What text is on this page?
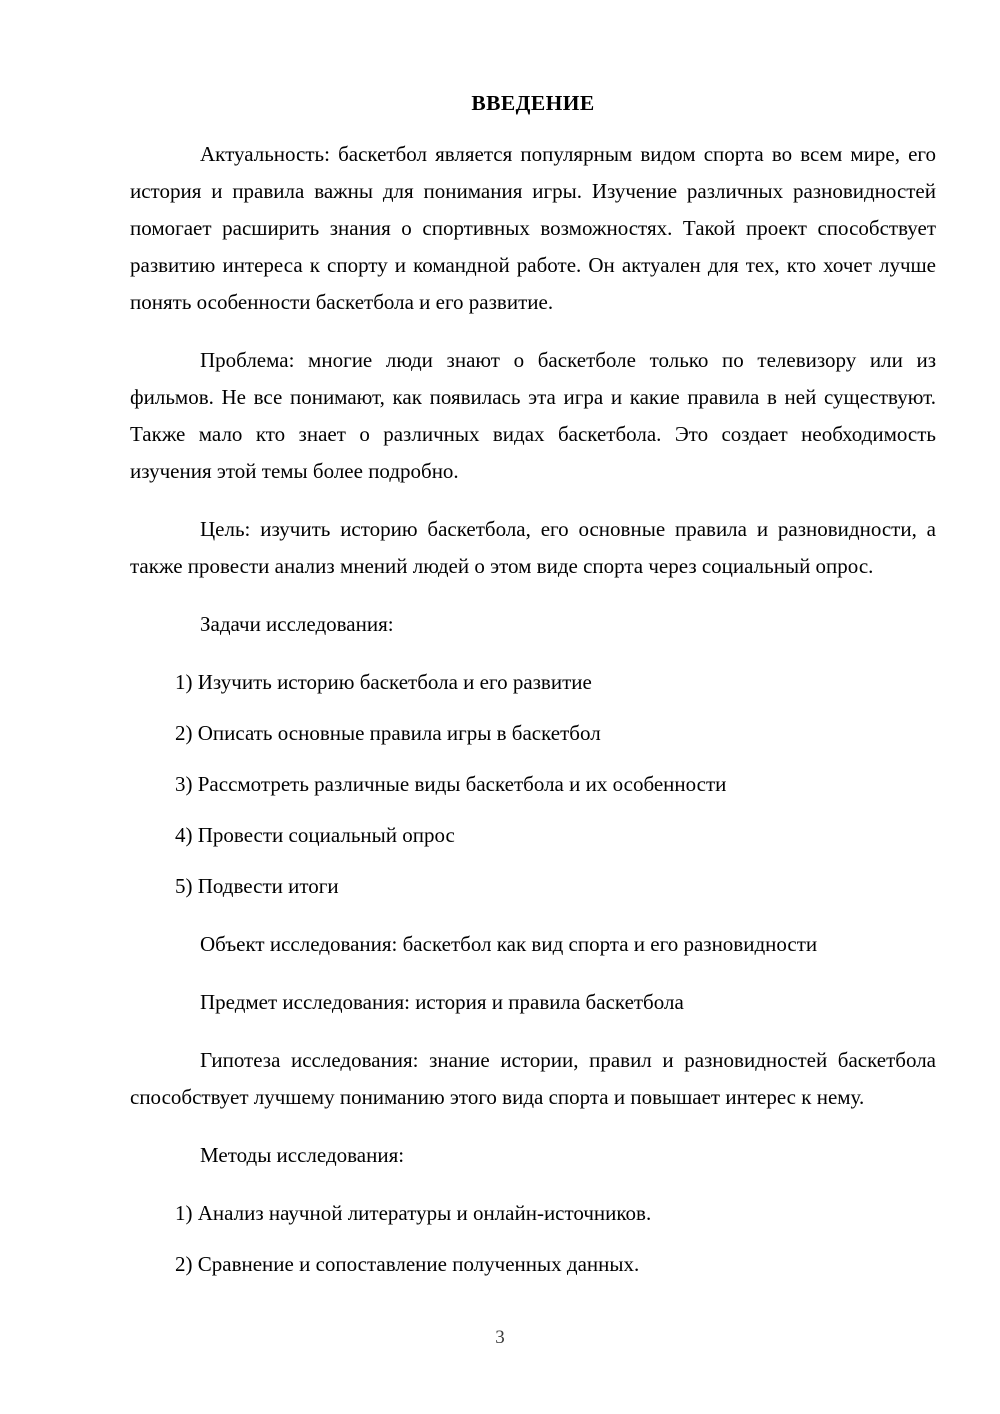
ВВЕДЕНИЕ

Актуальность: баскетбол является популярным видом спорта во всем мире, его история и правила важны для понимания игры. Изучение различных разновидностей помогает расширить знания о спортивных возможностях. Такой проект способствует развитию интереса к спорту и командной работе. Он актуален для тех, кто хочет лучше понять особенности баскетбола и его развитие.

Проблема: многие люди знают о баскетболе только по телевизору или из фильмов. Не все понимают, как появилась эта игра и какие правила в ней существуют. Также мало кто знает о различных видах баскетбола. Это создает необходимость изучения этой темы более подробно.

Цель: изучить историю баскетбола, его основные правила и разновидности, а также провести анализ мнений людей о этом виде спорта через социальный опрос.

Задачи исследования:

1) Изучить историю баскетбола и его развитие
2) Описать основные правила игры в баскетбол
3) Рассмотреть различные виды баскетбола и их особенности
4) Провести социальный опрос
5) Подвести итоги

Объект исследования: баскетбол как вид спорта и его разновидности

Предмет исследования: история и правила баскетбола

Гипотеза исследования: знание истории, правил и разновидностей баскетбола способствует лучшему пониманию этого вида спорта и повышает интерес к нему.

Методы исследования:

1) Анализ научной литературы и онлайн-источников.
2) Сравнение и сопоставление полученных данных.
3
